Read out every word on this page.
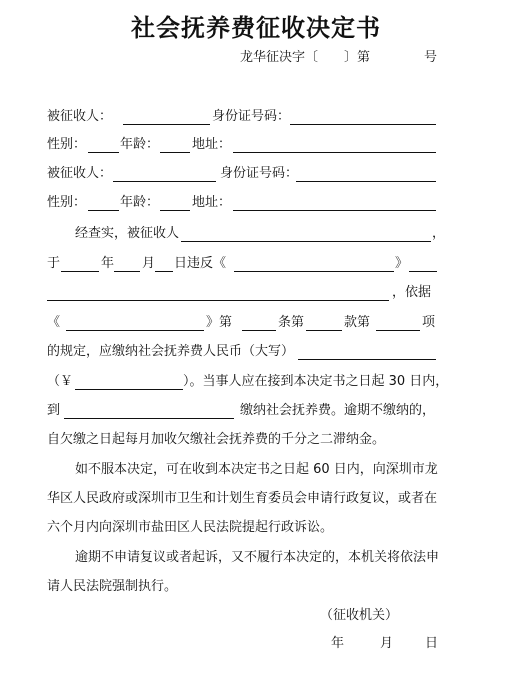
社会抚养费征收决定书
龙华征决字〔 〕第	号
被征收人：	身份证号码：
性别：	年龄：	地址：
被征收人：	身份证号码：
性别：	年龄：	地址：
经查实，被征收人	，
于	年 月 日违反《	》
，依据
《	》第	条第	款第	项
的规定，应缴纳社会抚养费人民币（大写）
（￥	）。当事人应在接到本决定书之日起 30 日内，
到	缴纳社会抚养费。逾期不缴纳的，
自欠缴之日起每月加收欠缴社会抚养费的千分之二滞纳金。
如不服本决定，可在收到本决定书之日起 60 日内，向深圳市龙
华区人民政府或深圳市卫生和计划生育委员会申请行政复议，或者在
六个月内向深圳市盐田区人民法院提起行政诉讼。
逾期不申请复议或者起诉，又不履行本决定的，本机关将依法申
请人民法院强制执行。
（征收机关）
年	月 日
